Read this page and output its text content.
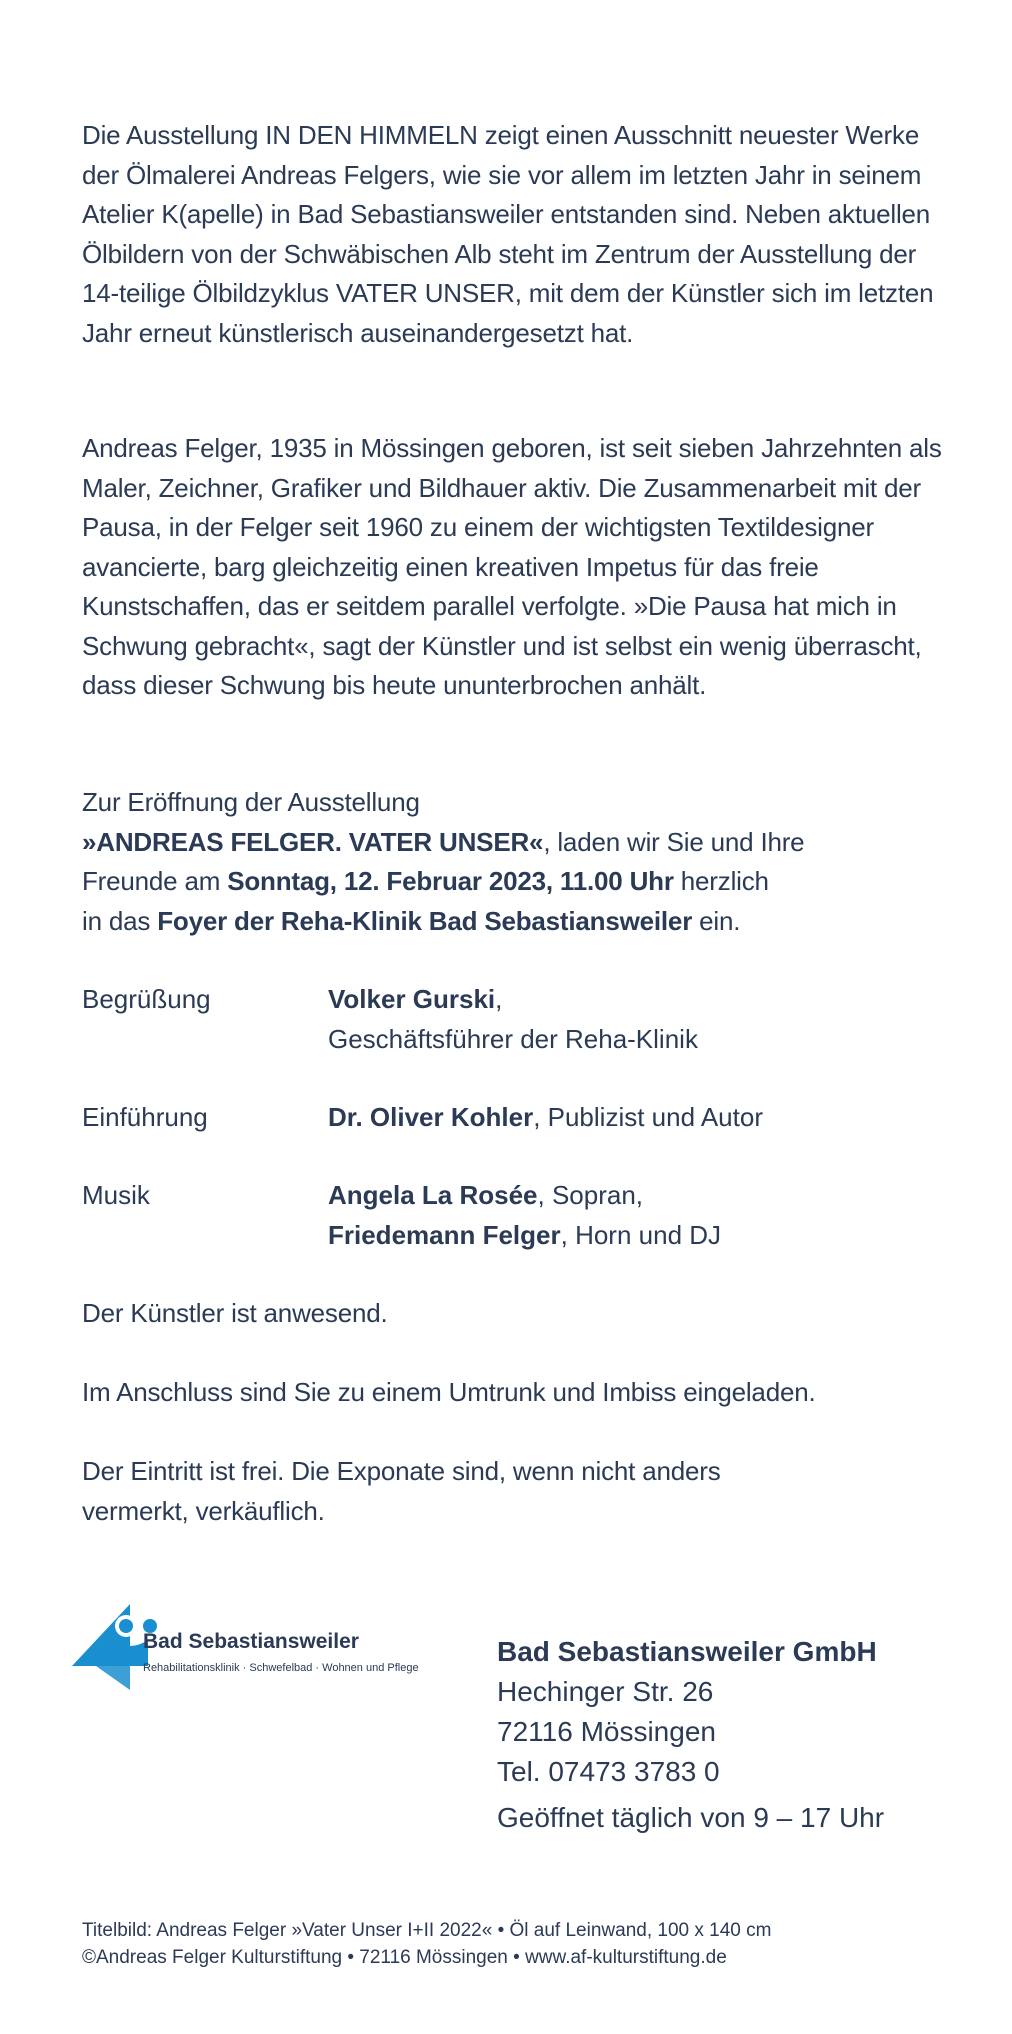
Die Ausstellung IN DEN HIMMELN zeigt einen Ausschnitt neuester Werke der Ölmalerei Andreas Felgers, wie sie vor allem im letzten Jahr in seinem Atelier K(apelle) in Bad Sebastiansweiler entstanden sind. Neben aktuellen Ölbildern von der Schwäbischen Alb steht im Zentrum der Ausstellung der 14-teilige Ölbildzyklus VATER UNSER, mit dem der Künstler sich im letzten Jahr erneut künstlerisch auseinandergesetzt hat.

Andreas Felger, 1935 in Mössingen geboren, ist seit sieben Jahrzehnten als Maler, Zeichner, Grafiker und Bildhauer aktiv. Die Zusammenarbeit mit der Pausa, in der Felger seit 1960 zu einem der wichtigsten Textildesigner avancierte, barg gleichzeitig einen kreativen Impetus für das freie Kunstschaffen, das er seitdem parallel verfolgte. »Die Pausa hat mich in Schwung gebracht«, sagt der Künstler und ist selbst ein wenig überrascht, dass dieser Schwung bis heute ununterbrochen anhält.

Zur Eröffnung der Ausstellung
»ANDREAS FELGER. VATER UNSER«, laden wir Sie und Ihre
Freunde am Sonntag, 12. Februar 2023, 11.00 Uhr herzlich
in das Foyer der Reha-Klinik Bad Sebastiansweiler ein.
Begrüßung	Volker Gurski,
Geschäftsführer der Reha-Klinik
Einführung	Dr. Oliver Kohler, Publizist und Autor
Musik	Angela La Rosée, Sopran,
Friedemann Felger, Horn und DJ
Der Künstler ist anwesend.
Im Anschluss sind Sie zu einem Umtrunk und Imbiss eingeladen.
Der Eintritt ist frei. Die Exponate sind, wenn nicht anders
vermerkt, verkäuflich.
Bad Sebastiansweiler
Rehabilitationsklinik · Schwefelbad · Wohnen und Pflege
Bad Sebastiansweiler GmbH
Hechinger Str. 26
72116 Mössingen
Tel. 07473 3783 0
Geöffnet täglich von 9 – 17 Uhr
Titelbild: Andreas Felger »Vater Unser I+II 2022« • Öl auf Leinwand, 100 x 140 cm
©Andreas Felger Kulturstiftung • 72116 Mössingen • www.af-kulturstiftung.de
